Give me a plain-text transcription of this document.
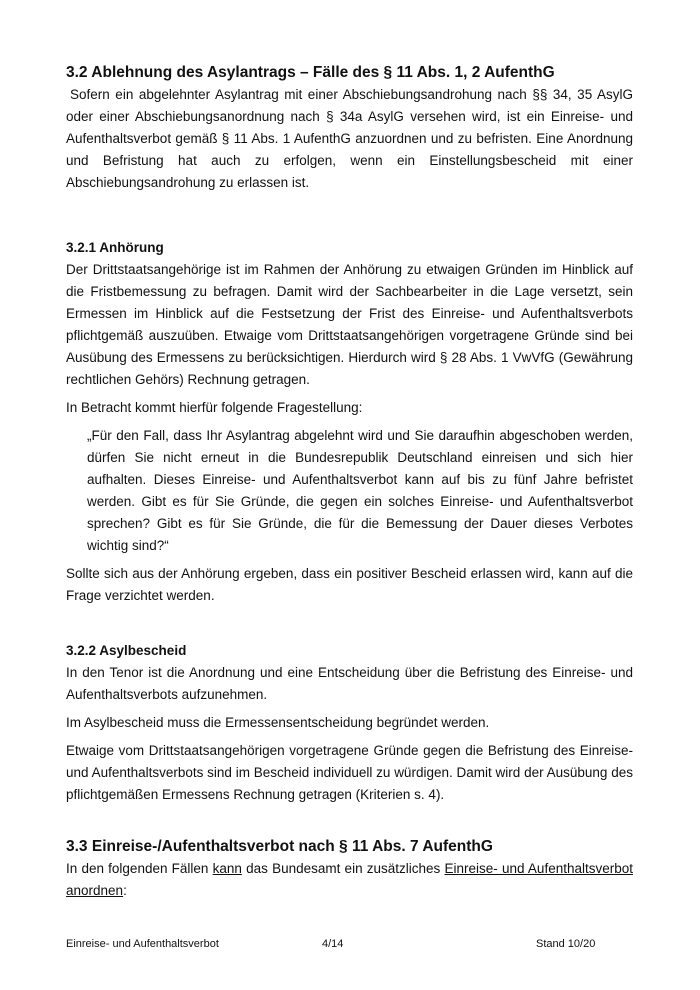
3.2 Ablehnung des Asylantrags – Fälle des § 11 Abs. 1, 2 AufenthG
Sofern ein abgelehnter Asylantrag mit einer Abschiebungsandrohung nach §§ 34, 35 AsylG oder einer Abschiebungsanordnung nach § 34a AsylG versehen wird, ist ein Einreise- und Aufenthaltsverbot gemäß § 11 Abs. 1 AufenthG anzuordnen und zu befristen. Eine Anordnung und Befristung hat auch zu erfolgen, wenn ein Einstellungsbescheid mit einer Abschiebungsandrohung zu erlassen ist.
3.2.1 Anhörung
Der Drittstaatsangehörige ist im Rahmen der Anhörung zu etwaigen Gründen im Hinblick auf die Fristbemessung zu befragen. Damit wird der Sachbearbeiter in die Lage versetzt, sein Ermessen im Hinblick auf die Festsetzung der Frist des Einreise- und Aufenthaltsverbots pflichtgemäß auszuüben. Etwaige vom Drittstaatsangehörigen vorgetragene Gründe sind bei Ausübung des Ermessens zu berücksichtigen. Hierdurch wird § 28 Abs. 1 VwVfG (Gewährung rechtlichen Gehörs) Rechnung getragen.
In Betracht kommt hierfür folgende Fragestellung:
„Für den Fall, dass Ihr Asylantrag abgelehnt wird und Sie daraufhin abgeschoben werden, dürfen Sie nicht erneut in die Bundesrepublik Deutschland einreisen und sich hier aufhalten. Dieses Einreise- und Aufenthaltsverbot kann auf bis zu fünf Jahre befristet werden. Gibt es für Sie Gründe, die gegen ein solches Einreise- und Aufenthaltsverbot sprechen? Gibt es für Sie Gründe, die für die Bemessung der Dauer dieses Verbotes wichtig sind?“
Sollte sich aus der Anhörung ergeben, dass ein positiver Bescheid erlassen wird, kann auf die Frage verzichtet werden.
3.2.2 Asylbescheid
In den Tenor ist die Anordnung und eine Entscheidung über die Befristung des Einreise- und Aufenthaltsverbots aufzunehmen.
Im Asylbescheid muss die Ermessensentscheidung begründet werden.
Etwaige vom Drittstaatsangehörigen vorgetragene Gründe gegen die Befristung des Einreise- und Aufenthaltsverbots sind im Bescheid individuell zu würdigen. Damit wird der Ausübung des pflichtgemäßen Ermessens Rechnung getragen (Kriterien s. 4).
3.3 Einreise-/Aufenthaltsverbot nach § 11 Abs. 7 AufenthG
In den folgenden Fällen kann das Bundesamt ein zusätzliches Einreise- und Aufenthaltsverbot anordnen:
Einreise- und Aufenthaltsverbot	4/14	Stand 10/20
